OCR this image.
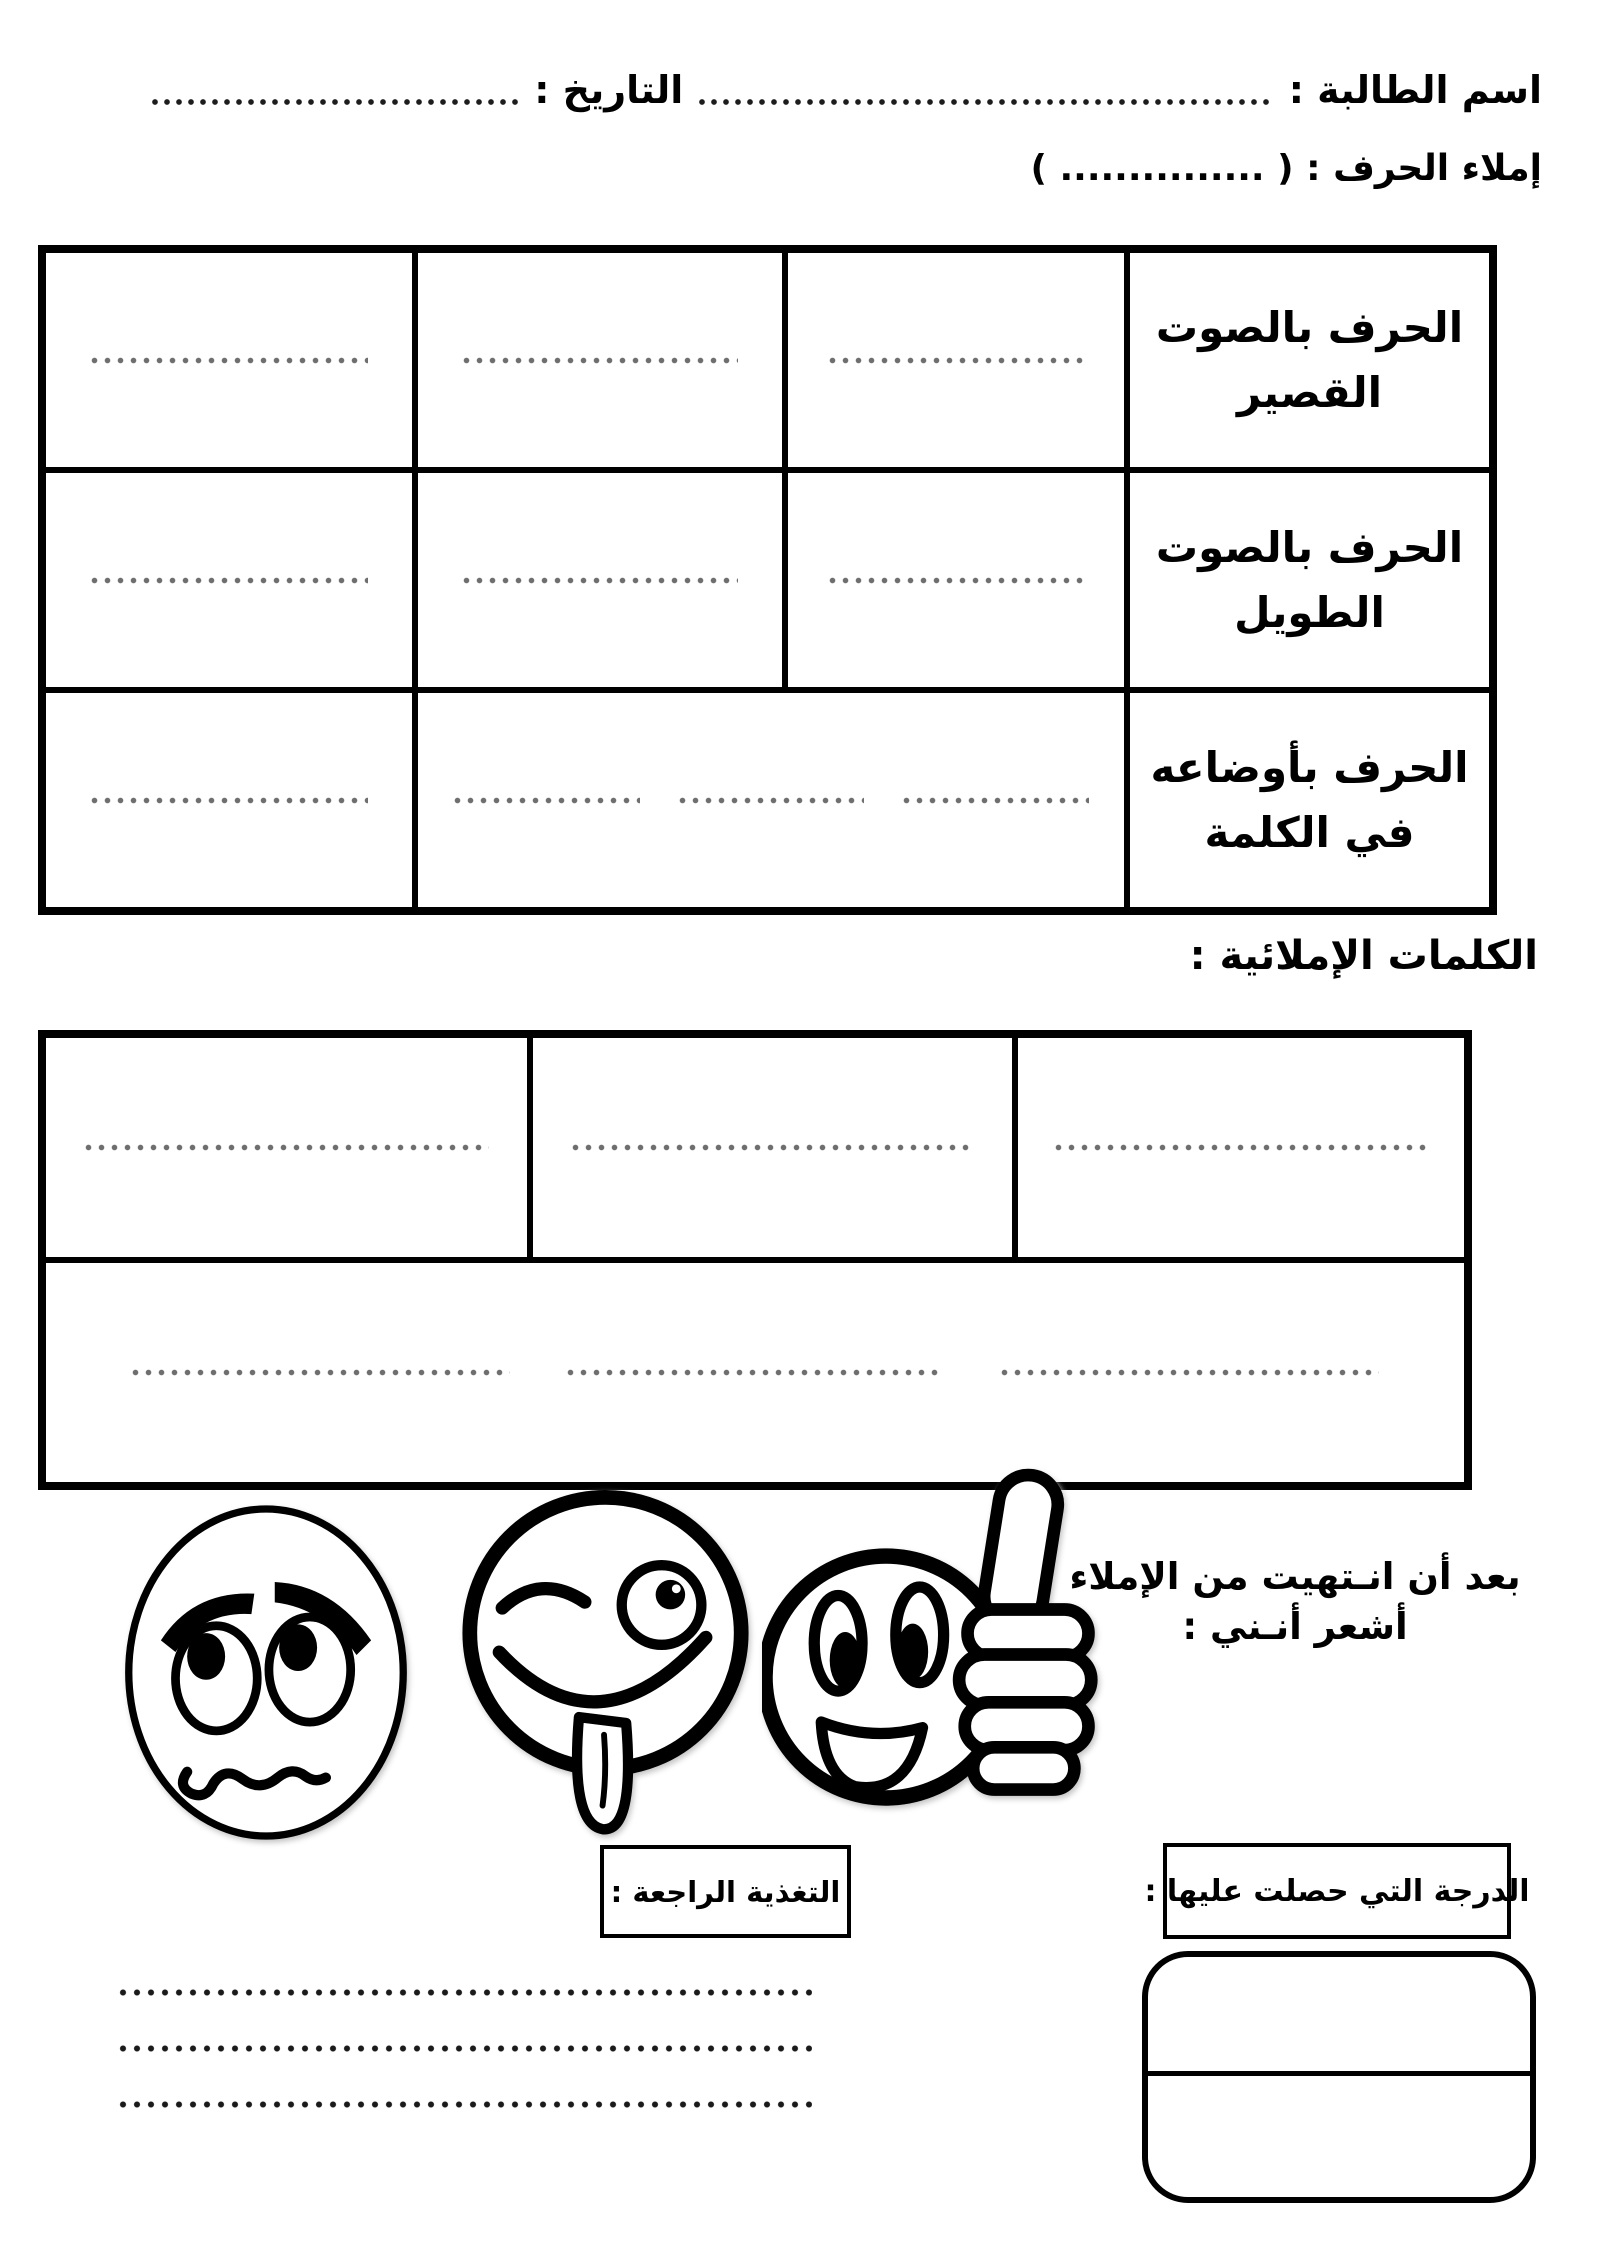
اسم الطالبة :
التاريخ :
إملاء الحرف : ( ............... )
الحرف بالصوت
القصير
الحرف بالصوت
الطويل
الحرف بأوضاعه
في الكلمة
الكلمات الإملائية :
بعد أن انـتهيت من الإملاء
أشعر أنـني :
التغذية الراجعة :	الدرجة التي حصلت عليها :
